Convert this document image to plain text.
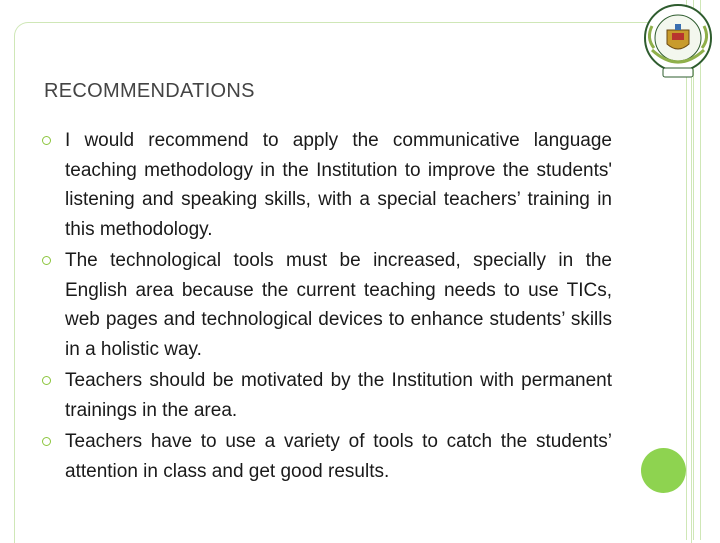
RECOMMENDATIONS
I would recommend to apply the communicative language teaching methodology in the Institution to improve the students' listening and speaking skills, with a special teachers’ training in this methodology.
The technological tools must be increased, specially in the English area because the current teaching needs to use TICs, web pages and technological devices to enhance students’ skills in a holistic way.
Teachers should be motivated by the Institution with permanent trainings in the area.
Teachers have to use a variety of tools to catch the students’ attention in class and get good results.
